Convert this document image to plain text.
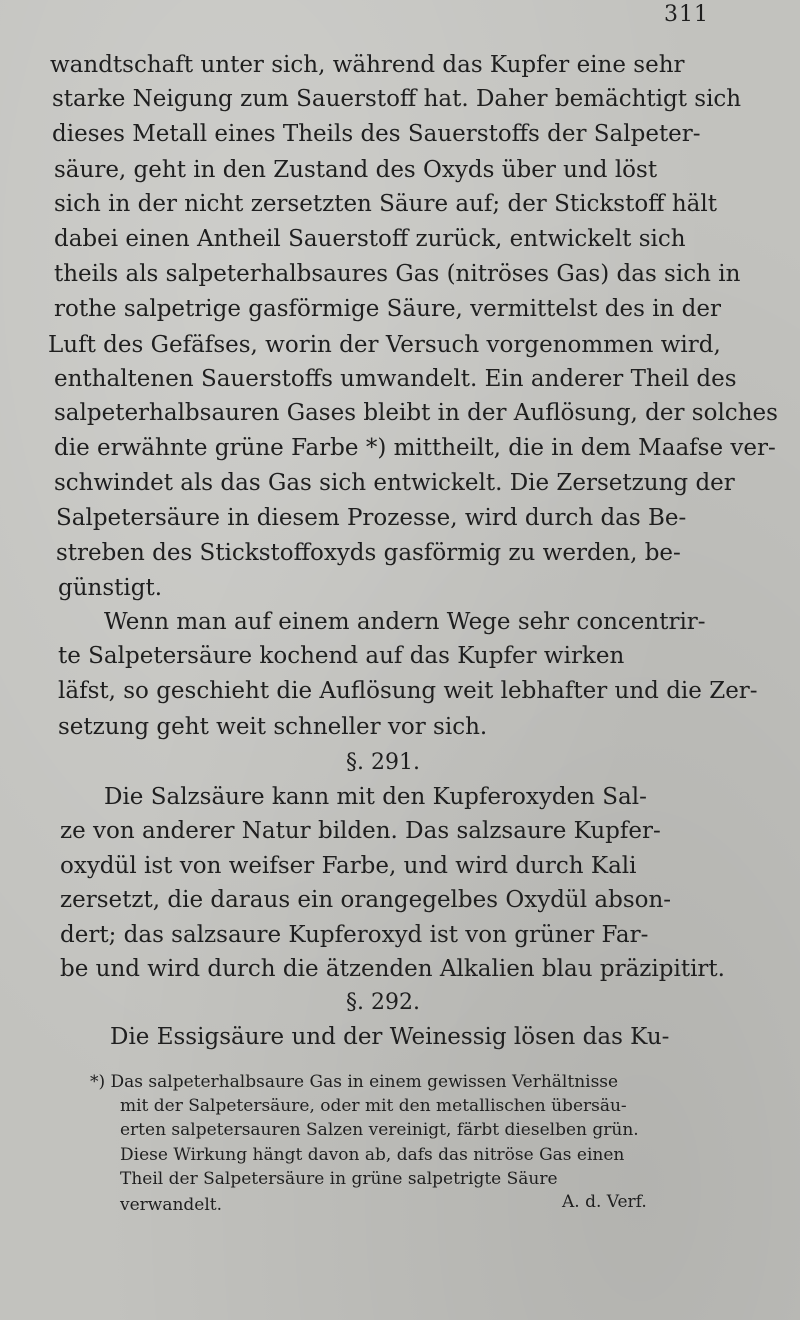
311
wandtschaft unter sich, während das Kupfer eine sehr
starke Neigung zum Sauerstoff hat. Daher bemächtigt sich
dieses Metall eines Theils des Sauerstoffs der Salpeter-
säure, geht in den Zustand des Oxyds über und löst
sich in der nicht zersetzten Säure auf; der Stickstoff hält
dabei einen Antheil Sauerstoff zurück, entwickelt sich
theils als salpeterhalbsaures Gas (nitröses Gas) das sich in
rothe salpetrige gasförmige Säure, vermittelst des in der
Luft des Gefäfses, worin der Versuch vorgenommen wird,
enthaltenen Sauerstoffs umwandelt. Ein anderer Theil des
salpeterhalbsauren Gases bleibt in der Auflösung, der solches
die erwähnte grüne Farbe *) mittheilt, die in dem Maafse ver-
schwindet als das Gas sich entwickelt. Die Zersetzung der
Salpetersäure in diesem Prozesse, wird durch das Be-
streben des Stickstoffoxyds gasförmig zu werden, be-
günstigt.
Wenn man auf einem andern Wege sehr concentrir-
te Salpetersäure kochend auf das Kupfer wirken
läfst, so geschieht die Auflösung weit lebhafter und die Zer-
setzung geht weit schneller vor sich.
§. 291.
Die Salzsäure kann mit den Kupferoxyden Sal-
ze von anderer Natur bilden. Das salzsaure Kupfer-
oxydül ist von weifser Farbe, und wird durch Kali
zersetzt, die daraus ein orangegelbes Oxydül abson-
dert; das salzsaure Kupferoxyd ist von grüner Far-
be und wird durch die ätzenden Alkalien blau präzipitirt.
§. 292.
Die Essigsäure und der Weinessig lösen das Ku-
*) Das salpeterhalbsaure Gas in einem gewissen Verhältnisse
mit der Salpetersäure, oder mit den metallischen übersäu-
erten salpetersauren Salzen vereinigt, färbt dieselben grün.
Diese Wirkung hängt davon ab, dafs das nitröse Gas einen
Theil der Salpetersäure in grüne salpetrigte Säure
verwandelt.	A. d. Verf.
